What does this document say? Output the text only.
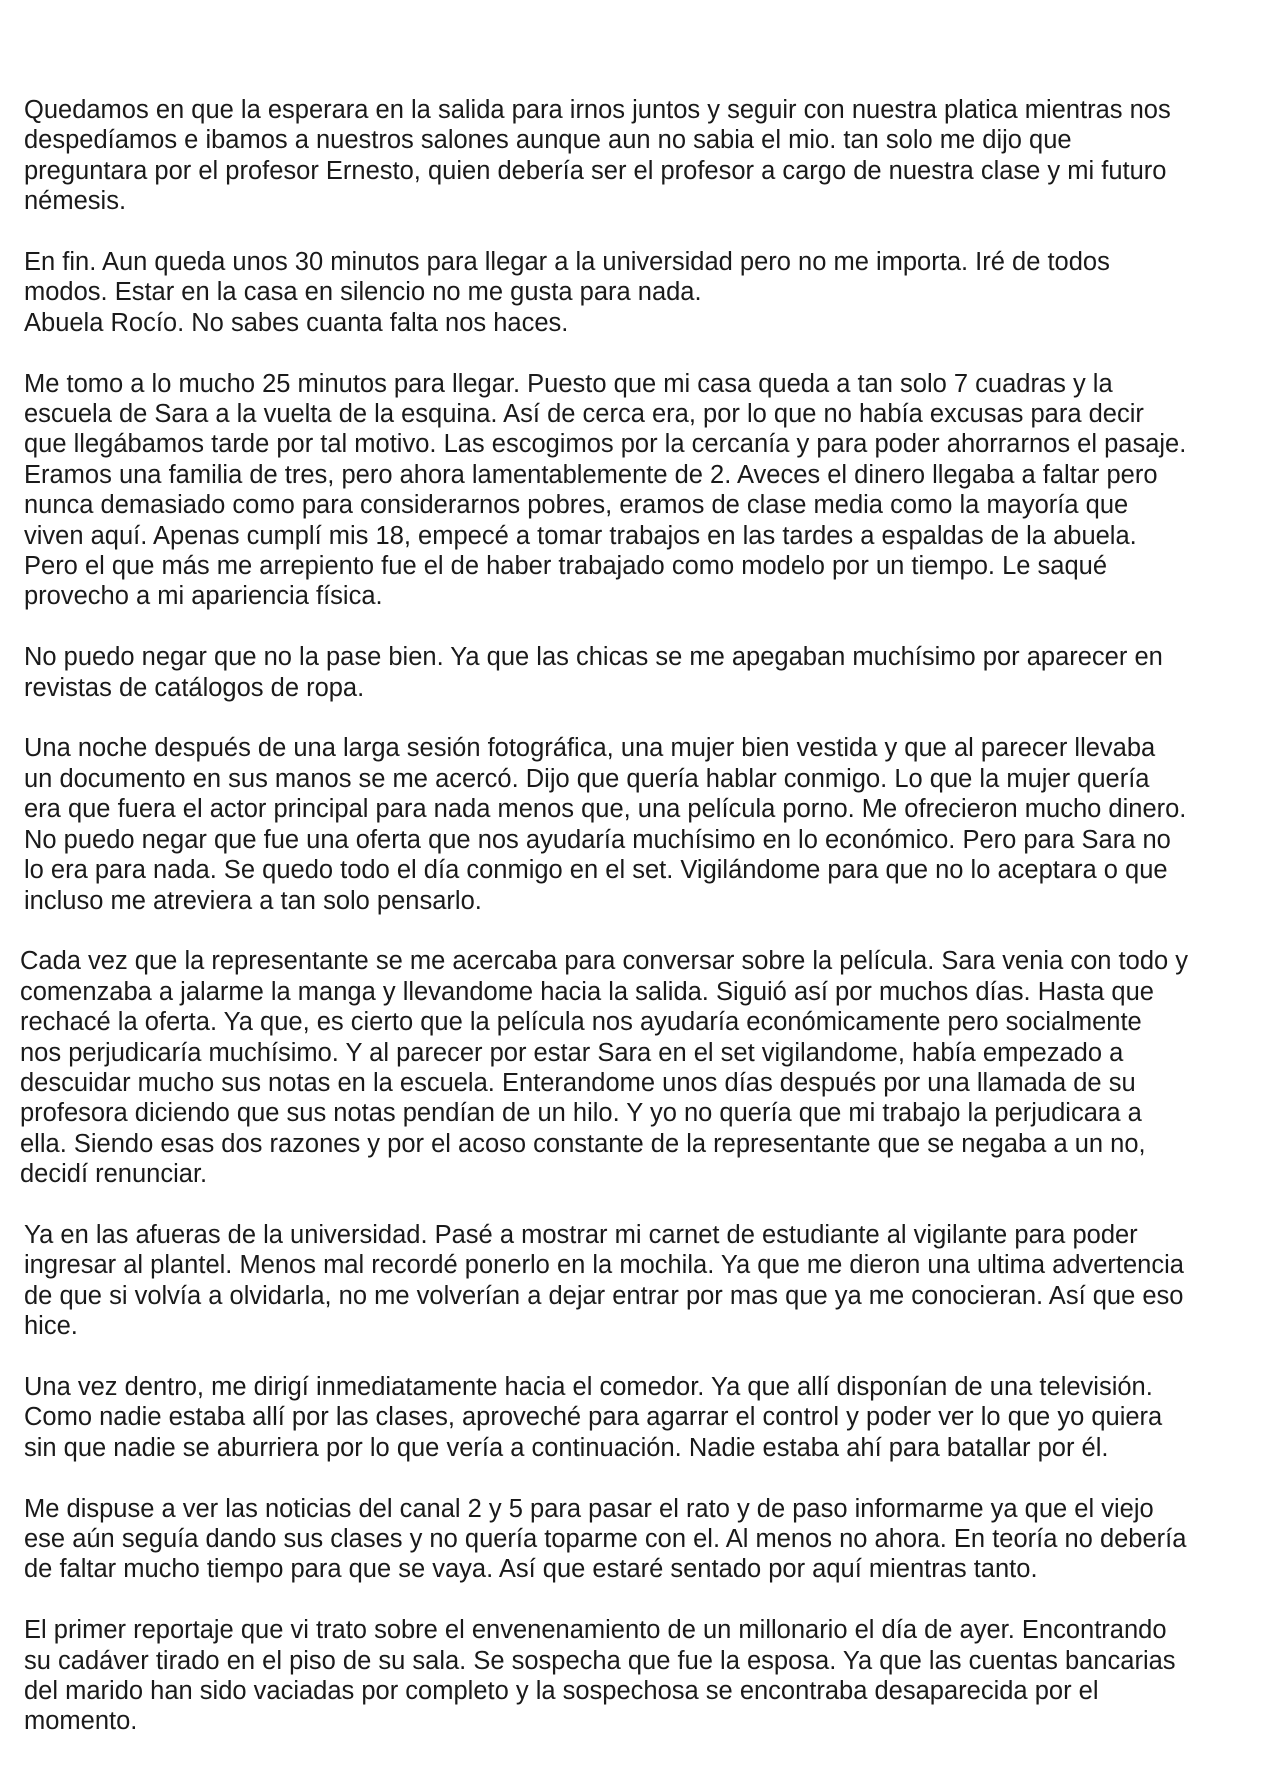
Quedamos en que la esperara en la salida para irnos juntos y seguir con nuestra platica mientras nos
despedíamos e ibamos a nuestros salones aunque aun no sabia el mio. tan solo me dijo que
preguntara por el profesor Ernesto, quien debería ser el profesor a cargo de nuestra clase y mi futuro
némesis.

En fin. Aun queda unos 30 minutos para llegar a la universidad pero no me importa. Iré de todos
modos. Estar en la casa en silencio no me gusta para nada.
Abuela Rocío. No sabes cuanta falta nos haces.

Me tomo a lo mucho 25 minutos para llegar. Puesto que mi casa queda a tan solo 7 cuadras y la
escuela de Sara a la vuelta de la esquina. Así de cerca era, por lo que no había excusas para decir
que llegábamos tarde por tal motivo. Las escogimos por la cercanía y para poder ahorrarnos el pasaje.
Eramos una familia de tres, pero ahora lamentablemente de 2. Aveces el dinero llegaba a faltar pero
nunca demasiado como para considerarnos pobres, eramos de clase media como la mayoría que
viven aquí. Apenas cumplí mis 18, empecé a tomar trabajos en las tardes a espaldas de la abuela.
Pero el que más me arrepiento fue el de haber trabajado como modelo por un tiempo. Le saqué
provecho a mi apariencia física.

No puedo negar que no la pase bien. Ya que las chicas se me apegaban muchísimo por aparecer en
revistas de catálogos de ropa.

Una noche después de una larga sesión fotográfica, una mujer bien vestida y que al parecer llevaba
un documento en sus manos se me acercó. Dijo que quería hablar conmigo. Lo que la mujer quería
era que fuera el actor principal para nada menos que, una película porno. Me ofrecieron mucho dinero.
No puedo negar que fue una oferta que nos ayudaría muchísimo en lo económico. Pero para Sara no
lo era para nada. Se quedo todo el día conmigo en el set. Vigilándome para que no lo aceptara o que
incluso me atreviera a tan solo pensarlo.

Cada vez que la representante se me acercaba para conversar sobre la película. Sara venia con todo y
comenzaba a jalarme la manga y llevandome hacia la salida. Siguió así por muchos días. Hasta que
rechacé la oferta. Ya que, es cierto que la película nos ayudaría económicamente pero socialmente
nos perjudicaría muchísimo. Y al parecer por estar Sara en el set vigilandome, había empezado a
descuidar mucho sus notas en la escuela. Enterandome unos días después por una llamada de su
profesora diciendo que sus notas pendían de un hilo. Y yo no quería que mi trabajo la perjudicara a
ella. Siendo esas dos razones y por el acoso constante de la representante que se negaba a un no,
decidí renunciar.

Ya en las afueras de la universidad. Pasé a mostrar mi carnet de estudiante al vigilante para poder
ingresar al plantel. Menos mal recordé ponerlo en la mochila. Ya que me dieron una ultima advertencia
de que si volvía a olvidarla, no me volverían a dejar entrar por mas que ya me conocieran. Así que eso
hice.

Una vez dentro, me dirigí inmediatamente hacia el comedor. Ya que allí disponían de una televisión.
Como nadie estaba allí por las clases, aproveché para agarrar el control y poder ver lo que yo quiera
sin que nadie se aburriera por lo que vería a continuación. Nadie estaba ahí para batallar por él.

Me dispuse a ver las noticias del canal 2 y 5 para pasar el rato y de paso informarme ya que el viejo
ese aún seguía dando sus clases y no quería toparme con el. Al menos no ahora. En teoría no debería
de faltar mucho tiempo para que se vaya. Así que estaré sentado por aquí mientras tanto.

El primer reportaje que vi trato sobre el envenenamiento de un millonario el día de ayer. Encontrando
su cadáver tirado en el piso de su sala. Se sospecha que fue la esposa. Ya que las cuentas bancarias
del marido han sido vaciadas por completo y la sospechosa se encontraba desaparecida por el
momento.
